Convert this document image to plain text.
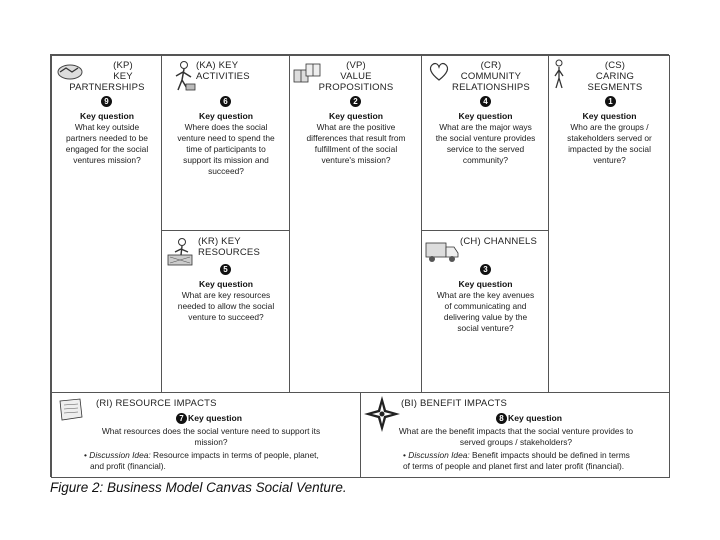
(KP)
KEY
PARTNERSHIPS
9
Key question
What key outside
partners needed to be
engaged for the social
ventures mission?
(KA) KEY
ACTIVITIES
6
Key question
Where does the social
venture need to spend the
time of participants to
support its mission and
succeed?
(KR) KEY
RESOURCES
5
Key question
What are key resources
needed to allow the social
venture to succeed?
(VP)
VALUE
PROPOSITIONS
2
Key question
What are the positive
differences that result from
fulfillment of the social
venture's mission?
(CR)
COMMUNITY
RELATIONSHIPS
4
Key question
What are the major ways
the social venture provides
service to the served
community?
(CH) CHANNELS
3
Key question
What are the key avenues
of communicating and
delivering value by the
social venture?
(CS)
CARING
SEGMENTS
1
Key question
Who are the groups /
stakeholders served or
impacted by the social
venture?
(RI) RESOURCE IMPACTS
7 Key question
What resources does the social venture need to support its
mission?
• Discussion Idea: Resource impacts in terms of people, planet,
and profit (financial).
(BI) BENEFIT IMPACTS
8 Key question
What are the benefit impacts that the social venture provides to
served groups / stakeholders?
• Discussion Idea: Benefit impacts should be defined in terms
of terms of people and planet first and later profit (financial).
Figure 2: Business Model Canvas Social Venture.
